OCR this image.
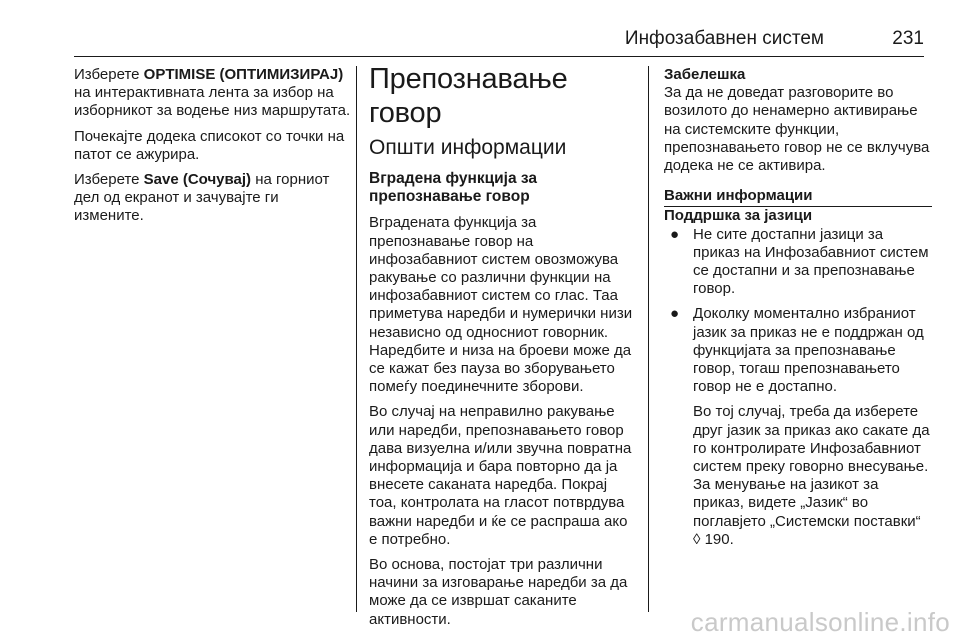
Инфозабавнен систем	231

Изберете OPTIMISE (ОПТИМИЗИРАЈ) на интерактивната лента за избор на изборникот за водење низ маршрутата.

Почекајте додека списокот со точки на патот се ажурира.

Изберете Save (Сочувај) на горниот дел од екранот и зачувајте ги измените.

Препознавање говор
Општи информации
Вградена функција за препознавање говор

Вградената функција за препознавање говор на инфозабавниот систем овозможува ракување со различни функции на инфозабавниот систем со глас. Таа приметува наредби и нумерички низи независно од односниот говорник. Наредбите и низа на броеви може да се кажат без пауза во зборувањето помеѓу поединечните зборови.

Во случај на неправилно ракување или наредби, препознавањето говор дава визуелна и/или звучна повратна информација и бара повторно да ја внесете саканата наредба. Покрај тоа, контролата на гласот потврдува важни наредби и ќе се распраша ако е потребно.

Во основа, постојат три различни начини за изговарање наредби за да може да се извршат саканите активности.

Забелешка

За да не доведат разговорите во возилото до ненамерно активирање на системските функции, препознавањето говор не се вклучува додека не се активира.

Важни информации
Поддршка за јазици
● Не сите достапни јазици за приказ на Инфозабавниот систем се достапни и за препознавање говор.
● Доколку моментално избраниот јазик за приказ не е поддржан од функцијата за препознавање говор, тогаш препознавањето говор не е достапно.

Во тој случај, треба да изберете друг јазик за приказ ако сакате да го контролирате Инфозабавниот систем преку говорно внесување. За менување на јазикот за приказ, видете „Јазик“ во поглавјето „Системски поставки“ ◊ 190.

carmanualsonline.info
